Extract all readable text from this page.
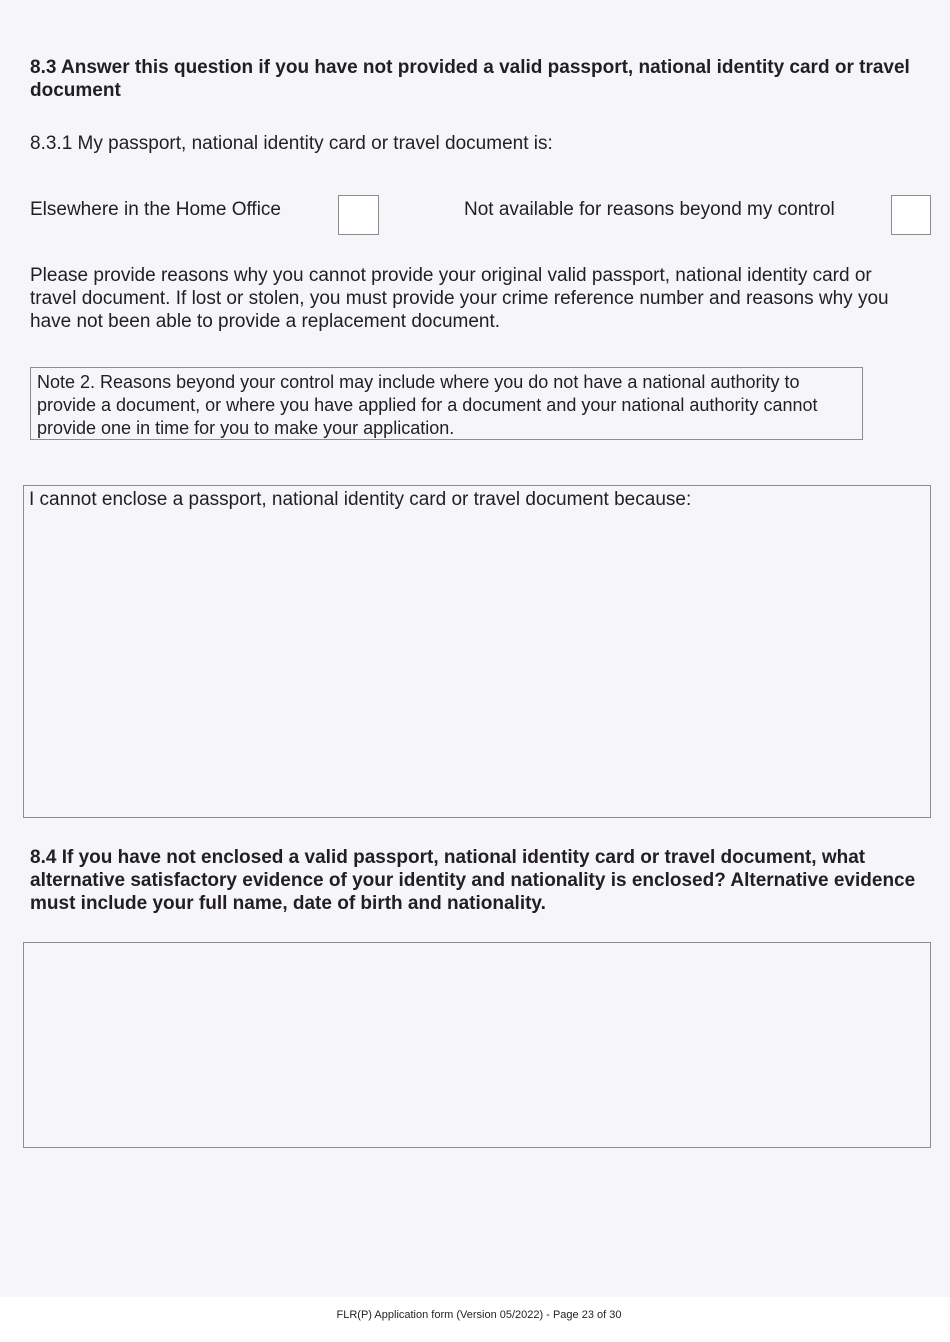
8.3 Answer this question if you have not provided a valid passport, national identity card or travel document
8.3.1 My passport, national identity card or travel document is:
Elsewhere in the Home Office	Not available for reasons beyond my control
Please provide reasons why you cannot provide your original valid passport, national identity card or travel document. If lost or stolen, you must provide your crime reference number and reasons why you have not been able to provide a replacement document.
Note 2. Reasons beyond your control may include where you do not have a national authority to provide a document, or where you have applied for a document and your national authority cannot provide one in time for you to make your application.
I cannot enclose a passport, national identity card or travel document because:
8.4 If you have not enclosed a valid passport, national identity card or travel document, what alternative satisfactory evidence of your identity and nationality is enclosed? Alternative evidence must include your full name, date of birth and nationality.
FLR(P) Application form (Version 05/2022) - Page 23 of 30
